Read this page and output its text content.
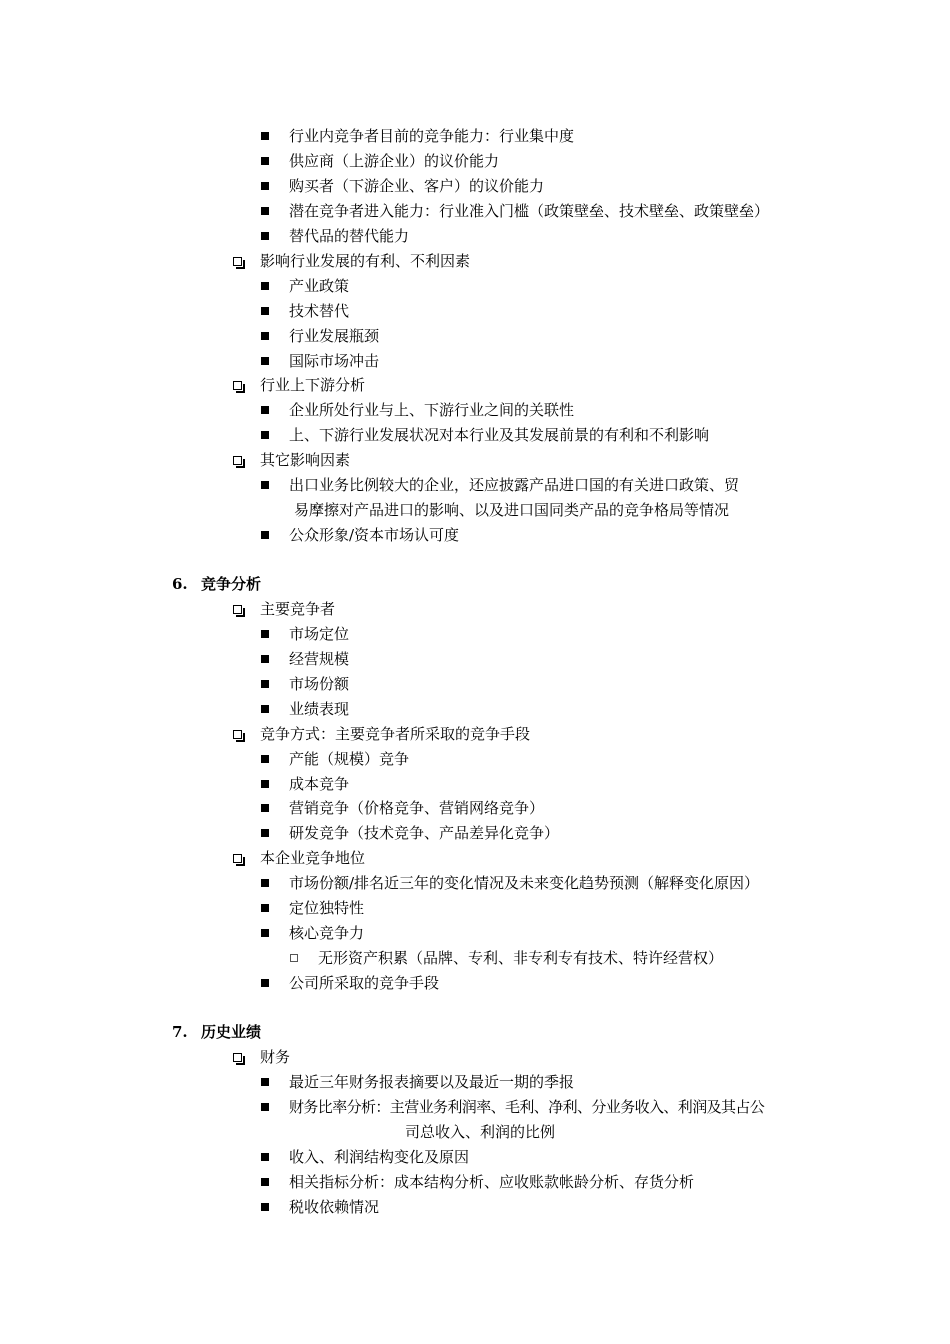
行业内竞争者目前的竞争能力：行业集中度
供应商（上游企业）的议价能力
购买者（下游企业、客户）的议价能力
潜在竞争者进入能力：行业准入门槛（政策壁垒、技术壁垒、政策壁垒）
替代品的替代能力
影响行业发展的有利、不利因素
产业政策
技术替代
行业发展瓶颈
国际市场冲击
行业上下游分析
企业所处行业与上、下游行业之间的关联性
上、下游行业发展状况对本行业及其发展前景的有利和不利影响
其它影响因素
出口业务比例较大的企业，还应披露产品进口国的有关进口政策、贸
易摩擦对产品进口的影响、以及进口国同类产品的竞争格局等情况
公众形象/资本市场认可度
6. 竞争分析
主要竞争者
市场定位
经营规模
市场份额
业绩表现
竞争方式：主要竞争者所采取的竞争手段
产能（规模）竞争
成本竞争
营销竞争（价格竞争、营销网络竞争）
研发竞争（技术竞争、产品差异化竞争）
本企业竞争地位
市场份额/排名近三年的变化情况及未来变化趋势预测（解释变化原因）
定位独特性
核心竞争力
无形资产积累（品牌、专利、非专利专有技术、特许经营权）
公司所采取的竞争手段
7. 历史业绩
财务
最近三年财务报表摘要以及最近一期的季报
财务比率分析：主营业务利润率、毛利、净利、分业务收入、利润及其占公
司总收入、利润的比例
收入、利润结构变化及原因
相关指标分析：成本结构分析、应收账款帐龄分析、存货分析
税收依赖情况
